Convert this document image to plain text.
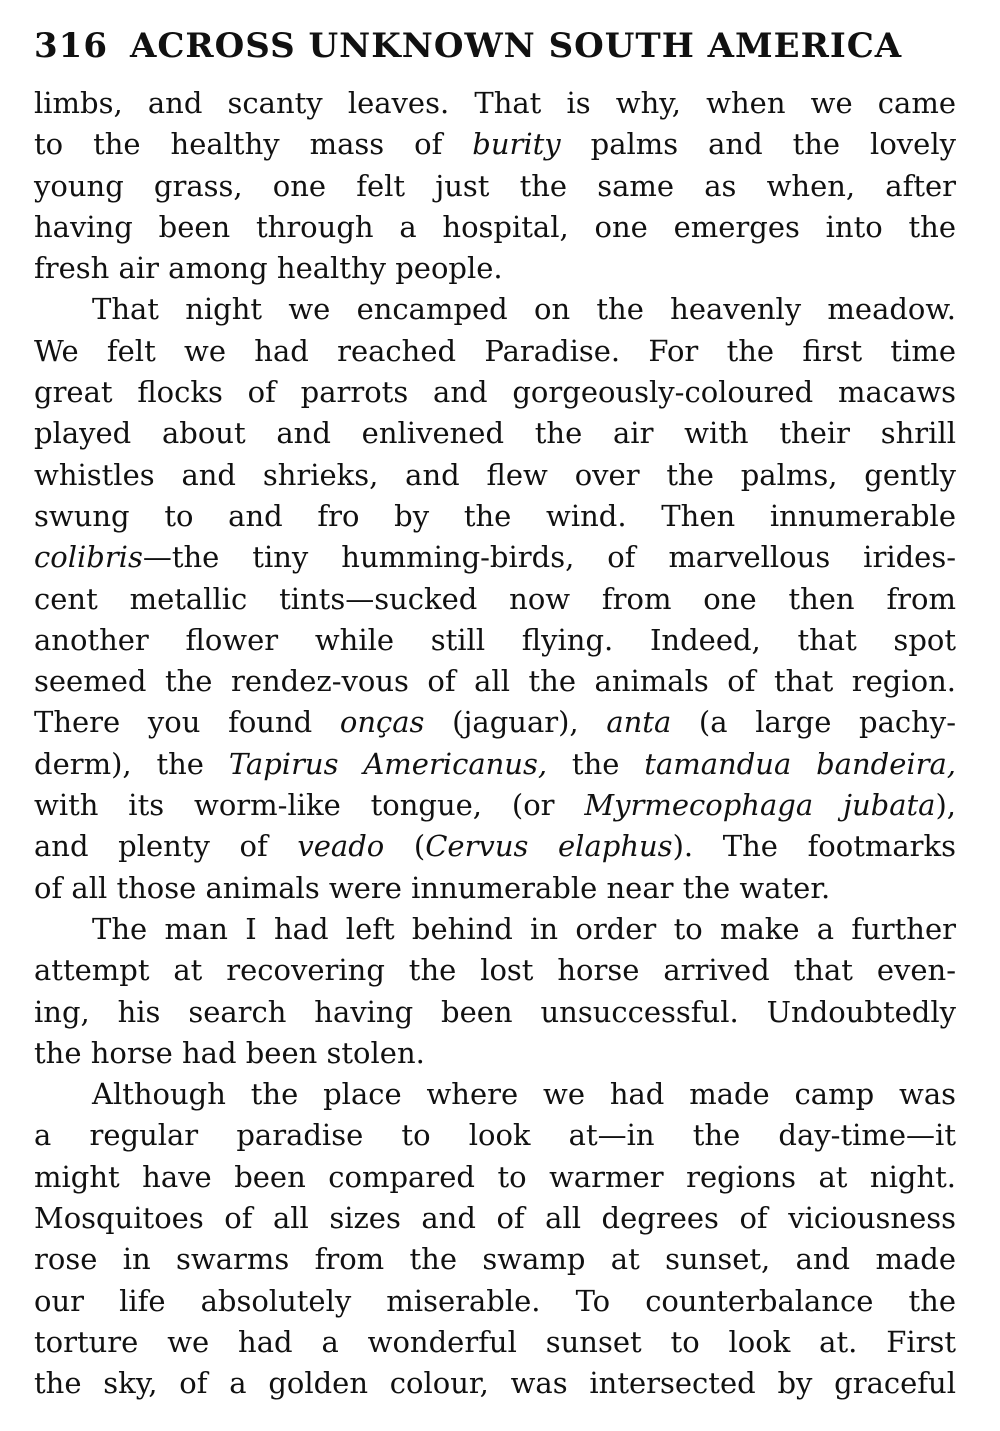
316 ACROSS UNKNOWN SOUTH AMERICA
limbs, and scanty leaves. That is why, when we came
to the healthy mass of burity palms and the lovely
young grass, one felt just the same as when, after
having been through a hospital, one emerges into the
fresh air among healthy people.
That night we encamped on the heavenly meadow.
We felt we had reached Paradise. For the first time
great flocks of parrots and gorgeously-coloured macaws
played about and enlivened the air with their shrill
whistles and shrieks, and flew over the palms, gently
swung to and fro by the wind. Then innumerable
colibris—the tiny humming-birds, of marvellous irides-
cent metallic tints—sucked now from one then from
another flower while still flying. Indeed, that spot
seemed the rendez-vous of all the animals of that region.
There you found onças (jaguar), anta (a large pachy-
derm), the Tapirus Americanus, the tamandua bandeira,
with its worm-like tongue, (or Myrmecophaga jubata),
and plenty of veado (Cervus elaphus). The footmarks
of all those animals were innumerable near the water.
The man I had left behind in order to make a further
attempt at recovering the lost horse arrived that even-
ing, his search having been unsuccessful. Undoubtedly
the horse had been stolen.
Although the place where we had made camp was
a regular paradise to look at—in the day-time—it
might have been compared to warmer regions at night.
Mosquitoes of all sizes and of all degrees of viciousness
rose in swarms from the swamp at sunset, and made
our life absolutely miserable. To counterbalance the
torture we had a wonderful sunset to look at. First
the sky, of a golden colour, was intersected by graceful
